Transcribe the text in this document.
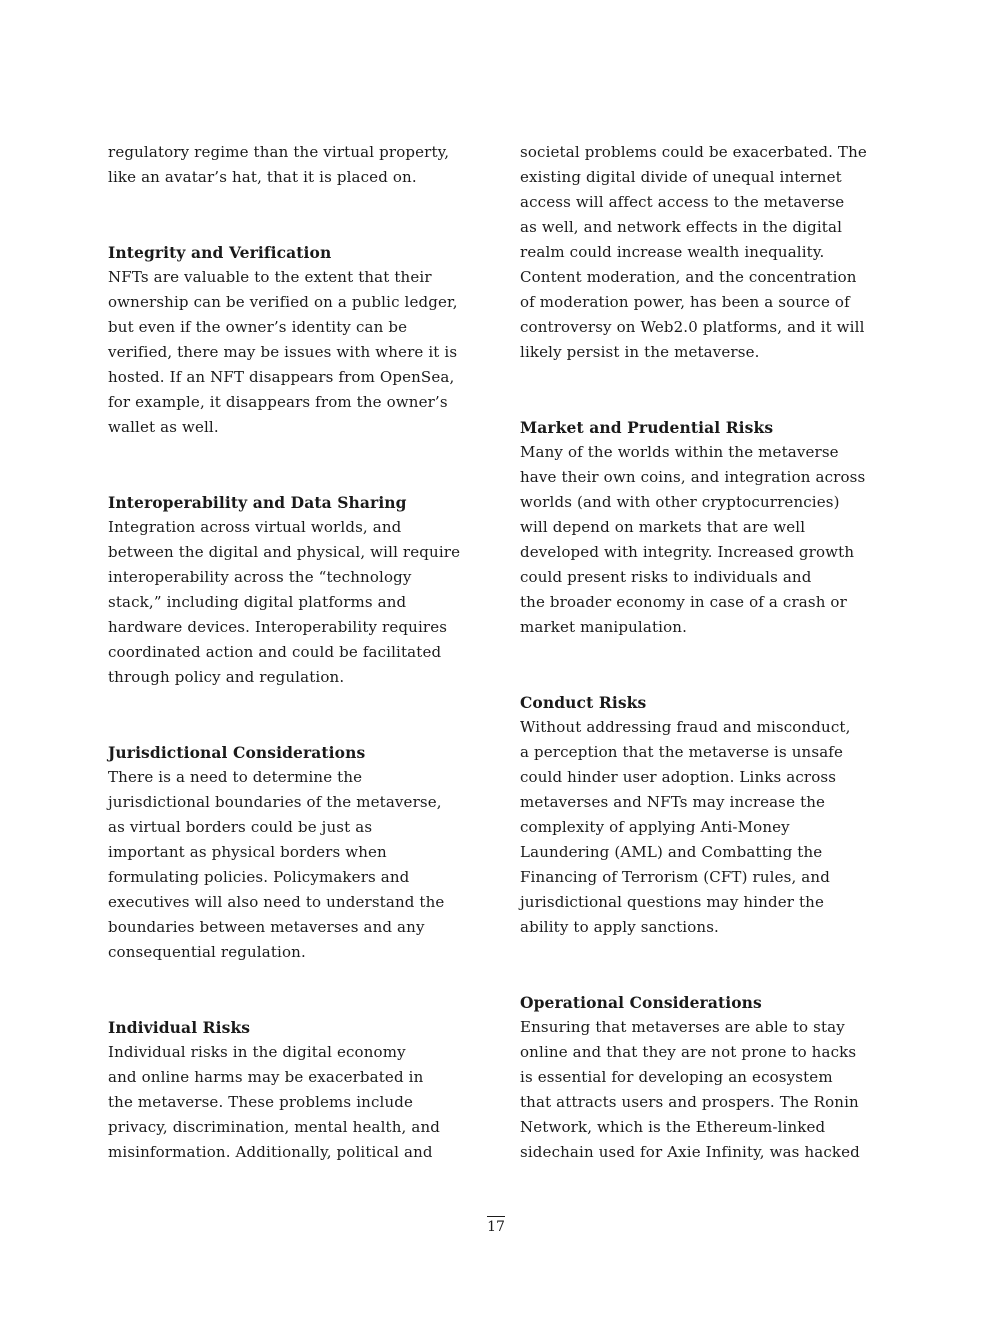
regulatory regime than the virtual property,
like an avatar’s hat, that it is placed on.

Integrity and Verification

NFTs are valuable to the extent that their
ownership can be verified on a public ledger,
but even if the owner’s identity can be
verified, there may be issues with where it is
hosted. If an NFT disappears from OpenSea,
for example, it disappears from the owner’s
wallet as well.

Interoperability and Data Sharing

Integration across virtual worlds, and
between the digital and physical, will require
interoperability across the “technology
stack,” including digital platforms and
hardware devices. Interoperability requires
coordinated action and could be facilitated
through policy and regulation.

Jurisdictional Considerations

There is a need to determine the
jurisdictional boundaries of the metaverse,
as virtual borders could be just as
important as physical borders when
formulating policies. Policymakers and
executives will also need to understand the
boundaries between metaverses and any
consequential regulation.

Individual Risks

Individual risks in the digital economy
and online harms may be exacerbated in
the metaverse. These problems include
privacy, discrimination, mental health, and
misinformation. Additionally, political and

societal problems could be exacerbated. The
existing digital divide of unequal internet
access will affect access to the metaverse
as well, and network effects in the digital
realm could increase wealth inequality.
Content moderation, and the concentration
of moderation power, has been a source of
controversy on Web2.0 platforms, and it will
likely persist in the metaverse.

Market and Prudential Risks

Many of the worlds within the metaverse
have their own coins, and integration across
worlds (and with other cryptocurrencies)
will depend on markets that are well
developed with integrity. Increased growth
could present risks to individuals and
the broader economy in case of a crash or
market manipulation.

Conduct Risks

Without addressing fraud and misconduct,
a perception that the metaverse is unsafe
could hinder user adoption. Links across
metaverses and NFTs may increase the
complexity of applying Anti-Money
Laundering (AML) and Combatting the
Financing of Terrorism (CFT) rules, and
jurisdictional questions may hinder the
ability to apply sanctions.

Operational Considerations

Ensuring that metaverses are able to stay
online and that they are not prone to hacks
is essential for developing an ecosystem
that attracts users and prospers. The Ronin
Network, which is the Ethereum-linked
sidechain used for Axie Infinity, was hacked

17
